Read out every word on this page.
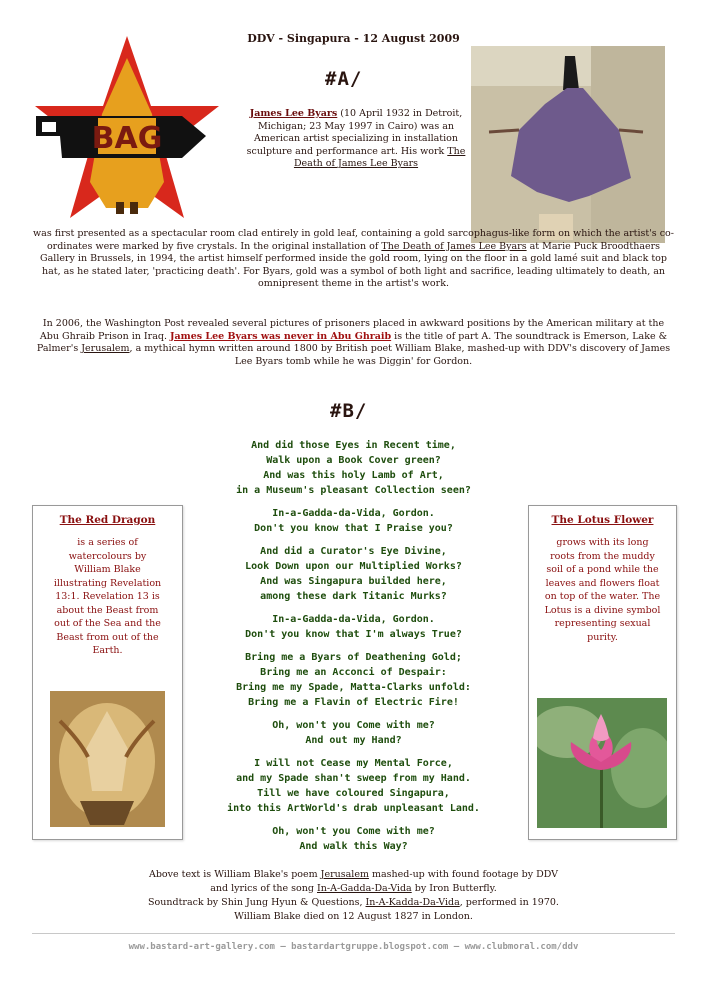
DDV - Singapura - 12 August 2009
BAG
#A/
James Lee Byars (10 April 1932 in Detroit, Michigan; 23 May 1997 in Cairo) was an American artist specializing in installation sculpture and performance art. His work The Death of James Lee Byars
was first presented as a spectacular room clad entirely in gold leaf, containing a gold sarcophagus-like form on which the artist's co-ordinates were marked by five crystals. In the original installation of The Death of James Lee Byars at Marie Puck Broodthaers Gallery in Brussels, in 1994, the artist himself performed inside the gold room, lying on the floor in a gold lamé suit and black top hat, as he stated later, 'practicing death'. For Byars, gold was a symbol of both light and sacrifice, leading ultimately to death, an omnipresent theme in the artist's work.
In 2006, the Washington Post revealed several pictures of prisoners placed in awkward positions by the American military at the Abu Ghraib Prison in Iraq. James Lee Byars was never in Abu Ghraib is the title of part A. The soundtrack is Emerson, Lake & Palmer's Jerusalem, a mythical hymn written around 1800 by British poet William Blake, mashed-up with DDV's discovery of James Lee Byars tomb while he was Diggin' for Gordon.
#B/
And did those Eyes in Recent time,
Walk upon a Book Cover green?
And was this holy Lamb of Art,
in a Museum's pleasant Collection seen?
In-a-Gadda-da-Vida, Gordon.
Don't you know that I Praise you?
And did a Curator's Eye Divine,
Look Down upon our Multiplied Works?
And was Singapura builded here,
among these dark Titanic Murks?
In-a-Gadda-da-Vida, Gordon.
Don't you know that I'm always True?
Bring me a Byars of Deathening Gold;
Bring me an Acconci of Despair:
Bring me my Spade, Matta-Clarks unfold:
Bring me a Flavin of Electric Fire!
Oh, won't you Come with me?
And out my Hand?
I will not Cease my Mental Force,
and my Spade shan't sweep from my Hand.
Till we have coloured Singapura,
into this ArtWorld's drab unpleasant Land.
Oh, won't you Come with me?
And walk this Way?
The Red Dragon
is a series of watercolours by William Blake illustrating Revelation 13:1. Revelation 13 is about the Beast from out of the Sea and the Beast from out of the Earth.
The Lotus Flower
grows with its long roots from the muddy soil of a pond while the leaves and flowers float on top of the water. The Lotus is a divine symbol representing sexual purity.
Above text is William Blake's poem Jerusalem mashed-up with found footage by DDV
and lyrics of the song In-A-Gadda-Da-Vida by Iron Butterfly.
Soundtrack by Shin Jung Hyun & Questions, In-A-Kadda-Da-Vida, performed in 1970.
William Blake died on 12 August 1827 in London.
www.bastard-art-gallery.com — bastardartgruppe.blogspot.com — www.clubmoral.com/ddv
